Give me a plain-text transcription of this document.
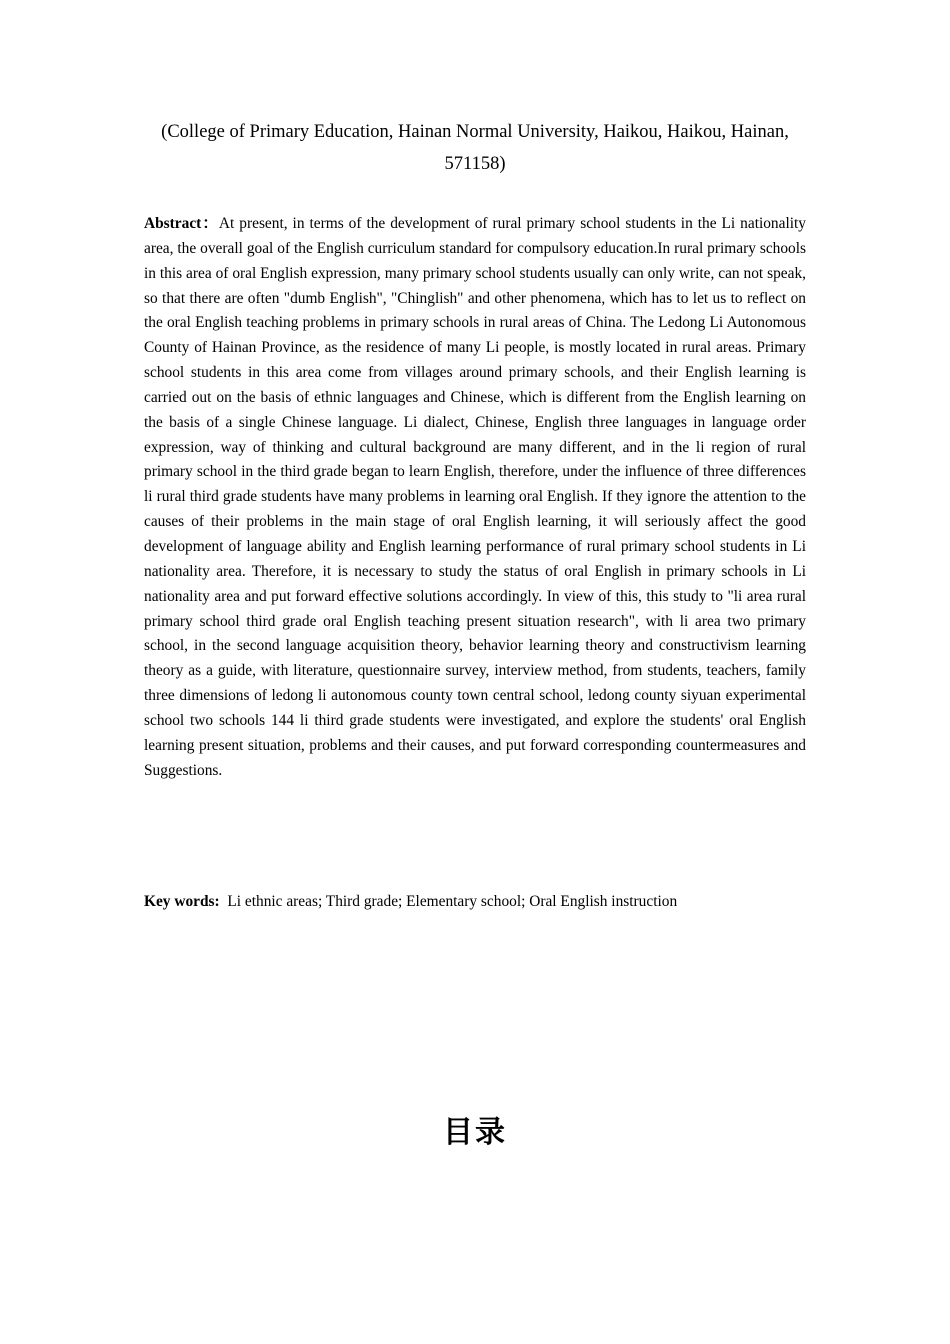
(College of Primary Education, Hainan Normal University, Haikou, Haikou, Hainan,
571158)

Abstract：At present, in terms of the development of rural primary school students in the Li nationality area, the overall goal of the English curriculum standard for compulsory education.In rural primary schools in this area of oral English expression, many primary school students usually can only write, can not speak, so that there are often "dumb English", "Chinglish" and other phenomena, which has to let us to reflect on the oral English teaching problems in primary schools in rural areas of China. The Ledong Li Autonomous County of Hainan Province, as the residence of many Li people, is mostly located in rural areas. Primary school students in this area come from villages around primary schools, and their English learning is carried out on the basis of ethnic languages and Chinese, which is different from the English learning on the basis of a single Chinese language. Li dialect, Chinese, English three languages in language order expression, way of thinking and cultural background are many different, and in the li region of rural primary school in the third grade began to learn English, therefore, under the influence of three differences li rural third grade students have many problems in learning oral English. If they ignore the attention to the causes of their problems in the main stage of oral English learning, it will seriously affect the good development of language ability and English learning performance of rural primary school students in Li nationality area. Therefore, it is necessary to study the status of oral English in primary schools in Li nationality area and put forward effective solutions accordingly. In view of this, this study to "li area rural primary school third grade oral English teaching present situation research", with li area two primary school, in the second language acquisition theory, behavior learning theory and constructivism learning theory as a guide, with literature, questionnaire survey, interview method, from students, teachers, family three dimensions of ledong li autonomous county town central school, ledong county siyuan experimental school two schools 144 li third grade students were investigated, and explore the students' oral English learning present situation, problems and their causes, and put forward corresponding countermeasures and Suggestions.

Key words: Li ethnic areas; Third grade; Elementary school; Oral English instruction

目录
